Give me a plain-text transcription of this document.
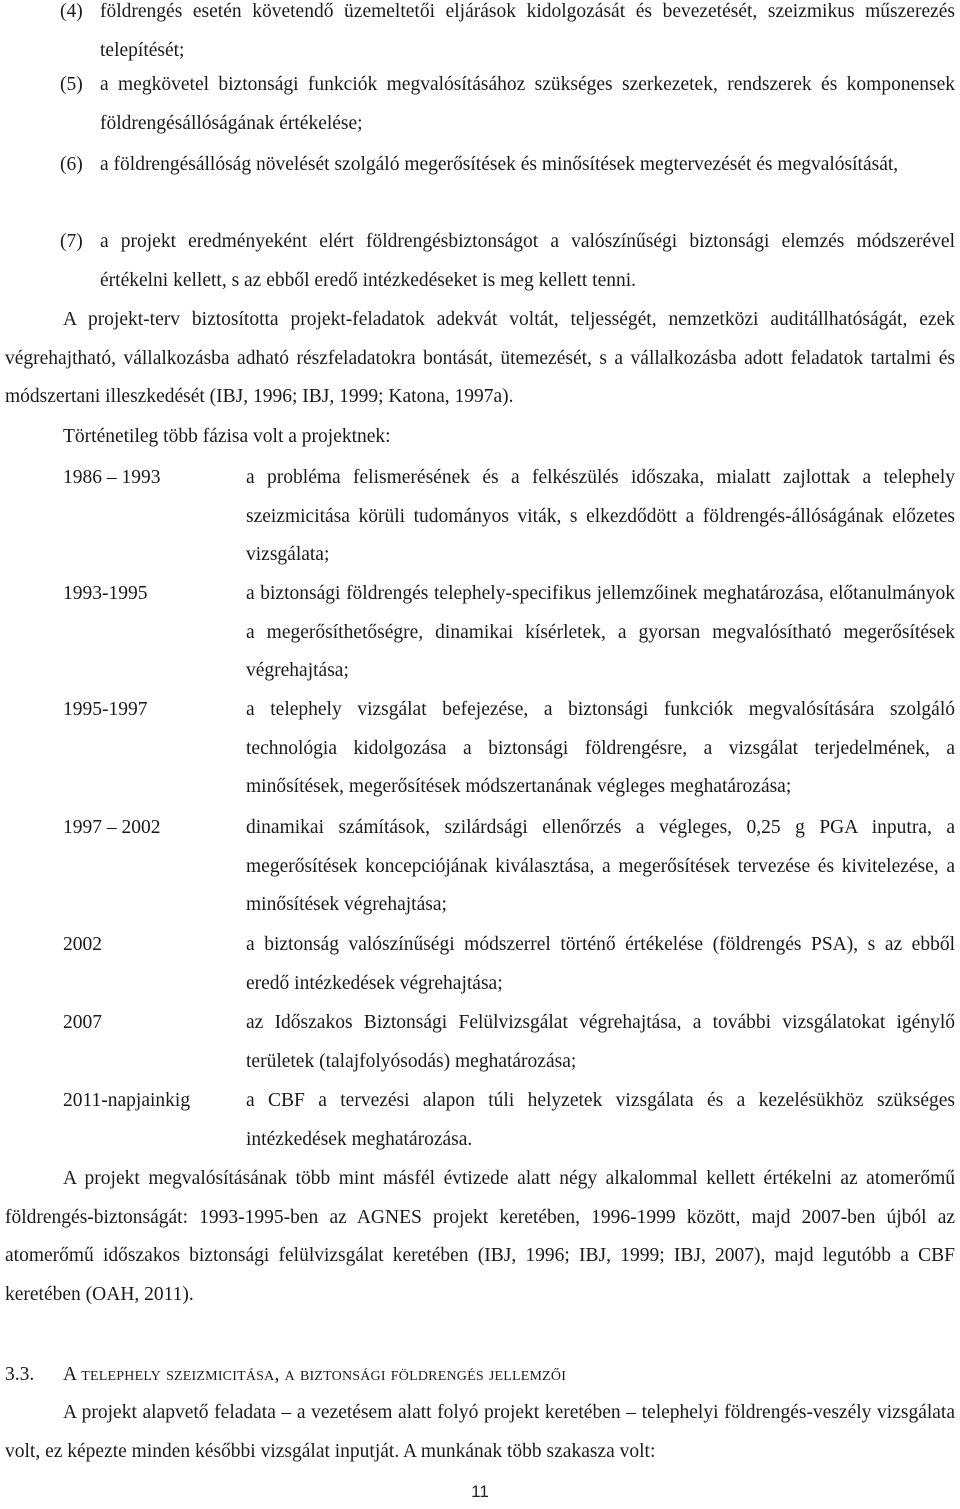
(4) földrengés esetén követendő üzemeltetői eljárások kidolgozását és bevezetését, szeizmikus műszerezés telepítését;
(5) a megkövetel biztonsági funkciók megvalósításához szükséges szerkezetek, rendszerek és komponensek földrengésállóságának értékelése;
(6) a földrengésállóság növelését szolgáló megerősítések és minősítések megtervezését és megvalósítását,
(7) a projekt eredményeként elért földrengésbiztonságot a valószínűségi biztonsági elemzés módszerével értékelni kellett, s az ebből eredő intézkedéseket is meg kellett tenni.
A projekt-terv biztosította projekt-feladatok adekvát voltát, teljességét, nemzetközi auditállhatóságát, ezek végrehajtható, vállalkozásba adható részfeladatokra bontását, ütemezését, s a vállalkozásba adott feladatok tartalmi és módszertani illeszkedését (IBJ, 1996; IBJ, 1999; Katona, 1997a).
Történetileg több fázisa volt a projektnek:
1986 – 1993	a probléma felismerésének és a felkészülés időszaka, mialatt zajlottak a telephely szeizmicitása körüli tudományos viták, s elkezdődött a földrengés-állóságának előzetes vizsgálata;
1993-1995	a biztonsági földrengés telephely-specifikus jellemzőinek meghatározása, előtanulmányok a megerősíthetőségre, dinamikai kísérletek, a gyorsan megvalósítható megerősítések végrehajtása;
1995-1997	a telephely vizsgálat befejezése, a biztonsági funkciók megvalósítására szolgáló technológia kidolgozása a biztonsági földrengésre, a vizsgálat terjedelmének, a minősítések, megerősítések módszertanának végleges meghatározása;
1997 – 2002	dinamikai számítások, szilárdsági ellenőrzés a végleges, 0,25 g PGA inputra, a megerősítések koncepciójának kiválasztása, a megerősítések tervezése és kivitelezése, a minősítések végrehajtása;
2002	a biztonság valószínűségi módszerrel történő értékelése (földrengés PSA), s az ebből eredő intézkedések végrehajtása;
2007	az Időszakos Biztonsági Felülvizsgálat végrehajtása, a további vizsgálatokat igénylő területek (talajfolyósodás) meghatározása;
2011-napjainkig	a CBF a tervezési alapon túli helyzetek vizsgálata és a kezelésükhöz szükséges intézkedések meghatározása.
A projekt megvalósításának több mint másfél évtizede alatt négy alkalommal kellett értékelni az atomerőmű földrengés-biztonságát: 1993-1995-ben az AGNES projekt keretében, 1996-1999 között, majd 2007-ben újból az atomerőmű időszakos biztonsági felülvizsgálat keretében (IBJ, 1996; IBJ, 1999; IBJ, 2007), majd legutóbb a CBF keretében (OAH, 2011).
3.3. A telephely szeizmicitása, a biztonsági földrengés jellemzői
A projekt alapvető feladata – a vezetésem alatt folyó projekt keretében – telephelyi földrengés-veszély vizsgálata volt, ez képezte minden későbbi vizsgálat inputját. A munkának több szakasza volt:
11
